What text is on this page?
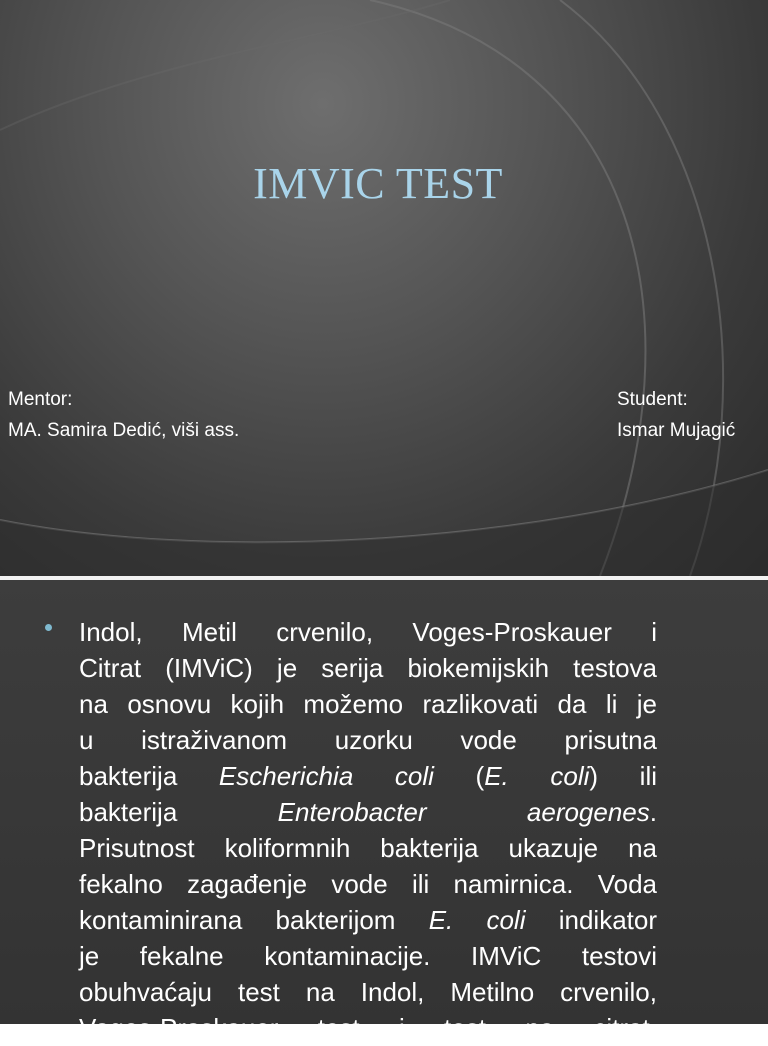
IMVIC TEST
Mentor:
MA. Samira Dedić, viši ass.
Student:
Ismar Mujagić
Indol, Metil crvenilo, Voges-Proskauer i
Citrat (IMViC) je serija biokemijskih testova
na osnovu kojih možemo razlikovati da li je
u istraživanom uzorku vode prisutna
bakterija Escherichia coli (E. coli) ili
bakterija Enterobacter aerogenes.
Prisutnost koliformnih bakterija ukazuje na
fekalno zagađenje vode ili namirnica. Voda
kontaminirana bakterijom E. coli indikator
je fekalne kontaminacije. IMViC testovi
obuhvaćaju test na Indol, Metilno crvenilo,
Voges-Proskauer test i test na citrat.
